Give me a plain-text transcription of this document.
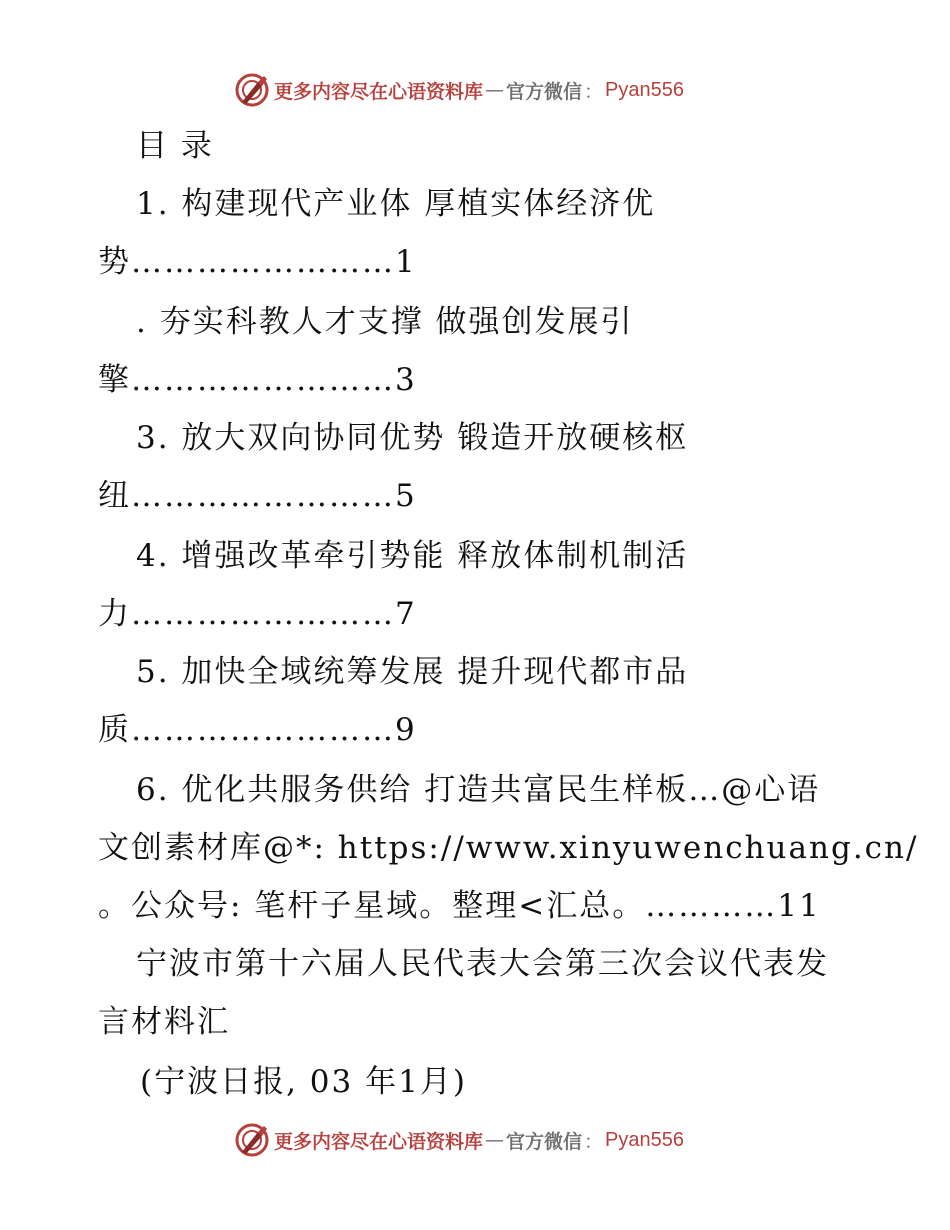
更多内容尽在心语资料库 — 官方微信 ： Pyan556
目 录
1. 构建现代产业体 厚植实体经济优
势……………………1
. 夯实科教人才支撑 做强创发展引
擎……………………3
3. 放大双向协同优势 锻造开放硬核枢
纽……………………5
4. 增强改革牵引势能 释放体制机制活
力……………………7
5. 加快全域统筹发展 提升现代都市品
质……………………9
6. 优化共服务供给 打造共富民生样板…@心语
文创素材库@*: https://www.xinyuwenchuang.cn/
。公众号: 笔杆子星域。整理<汇总。…………11
宁波市第十六届人民代表大会第三次会议代表发
言材料汇
(宁波日报, 03 年1月)
更多内容尽在心语资料库 — 官方微信 ： Pyan556
